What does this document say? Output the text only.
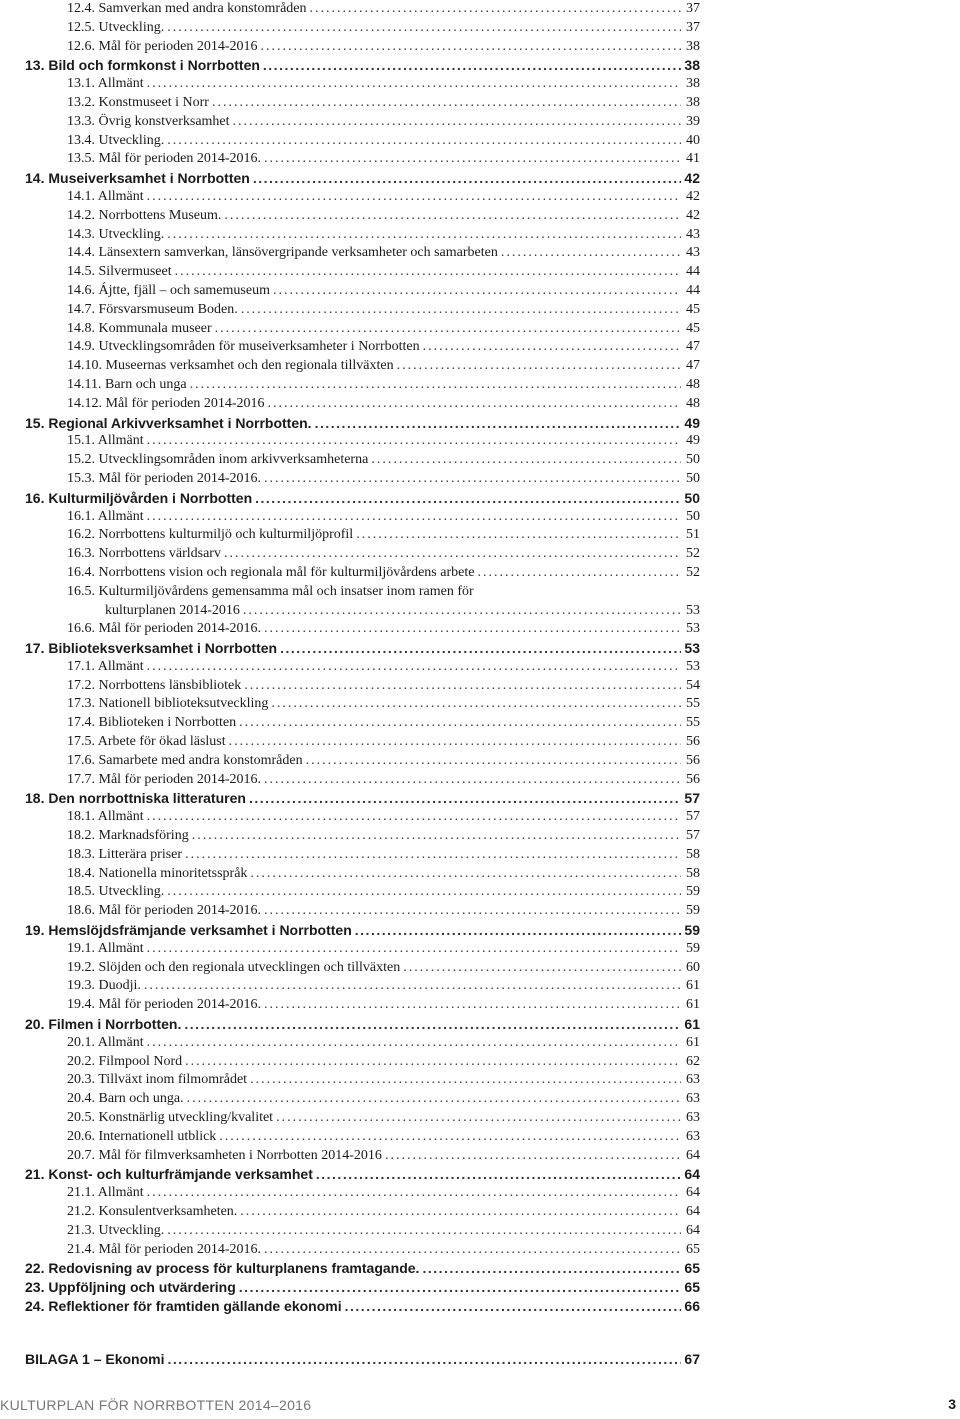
12.4. Samverkan med andra konstområden .....	37
12.5. Utveckling. .....	37
12.6. Mål för perioden 2014-2016 .....	38
13. Bild och formkonst i Norrbotten .....	38
13.1. Allmänt .....	38
13.2. Konstmuseet i Norr .....	38
13.3. Övrig konstverksamhet .....	39
13.4. Utveckling. .....	40
13.5. Mål för perioden 2014-2016. .....	41
14. Museiverksamhet i Norrbotten .....	42
14.1. Allmänt .....	42
14.2. Norrbottens Museum. .....	42
14.3. Utveckling. .....	43
14.4. Länsextern samverkan, länsövergripande verksamheter och samarbeten .....	43
14.5. Silvermuseet .....	44
14.6. Ájtte, fjäll – och samemuseum .....	44
14.7. Försvarsmuseum Boden. .....	45
14.8. Kommunala museer .....	45
14.9. Utvecklingsområden för museiverksamheter i Norrbotten .....	47
14.10. Museernas verksamhet och den regionala tillväxten .....	47
14.11. Barn och unga .....	48
14.12. Mål för perioden 2014-2016 .....	48
15. Regional Arkivverksamhet i Norrbotten. .....	49
15.1. Allmänt .....	49
15.2. Utvecklingsområden inom arkivverksamheterna .....	50
15.3. Mål för perioden 2014-2016. .....	50
16. Kulturmiljövården i Norrbotten .....	50
16.1. Allmänt .....	50
16.2. Norrbottens kulturmiljö och kulturmiljöprofil .....	51
16.3. Norrbottens världsarv .....	52
16.4. Norrbottens vision och regionala mål för kulturmiljövårdens arbete .....	52
16.5. Kulturmiljövårdens gemensamma mål och insatser inom ramen för
kulturplanen 2014-2016 .....	53
16.6. Mål för perioden 2014-2016. .....	53
17. Biblioteksverksamhet i Norrbotten .....	53
17.1. Allmänt .....	53
17.2. Norrbottens länsbibliotek .....	54
17.3. Nationell biblioteksutveckling .....	55
17.4. Biblioteken i Norrbotten .....	55
17.5. Arbete för ökad läslust .....	56
17.6. Samarbete med andra konstområden .....	56
17.7. Mål för perioden 2014-2016. .....	56
18. Den norrbottniska litteraturen .....	57
18.1. Allmänt .....	57
18.2. Marknadsföring .....	57
18.3. Litterära priser .....	58
18.4. Nationella minoritetsspråk .....	58
18.5. Utveckling. .....	59
18.6. Mål för perioden 2014-2016. .....	59
19. Hemslöjdsfrämjande verksamhet i Norrbotten .....	59
19.1. Allmänt .....	59
19.2. Slöjden och den regionala utvecklingen och tillväxten .....	60
19.3. Duodji. .....	61
19.4. Mål för perioden 2014-2016. .....	61
20. Filmen i Norrbotten. .....	61
20.1. Allmänt .....	61
20.2. Filmpool Nord .....	62
20.3. Tillväxt inom filmområdet .....	63
20.4. Barn och unga. .....	63
20.5. Konstnärlig utveckling/kvalitet .....	63
20.6. Internationell utblick .....	63
20.7. Mål för filmverksamheten i Norrbotten 2014-2016 .....	64
21. Konst- och kulturfrämjande verksamhet .....	64
21.1. Allmänt .....	64
21.2. Konsulentverksamheten. .....	64
21.3. Utveckling. .....	64
21.4. Mål för perioden 2014-2016. .....	65
22. Redovisning av process för kulturplanens framtagande. .....	65
23. Uppföljning och utvärdering .....	65
24. Reflektioner för framtiden gällande ekonomi .....	66
BILAGA 1 – Ekonomi .....	67
KULTURPLAN FÖR NORRBOTTEN 2014–2016	3
